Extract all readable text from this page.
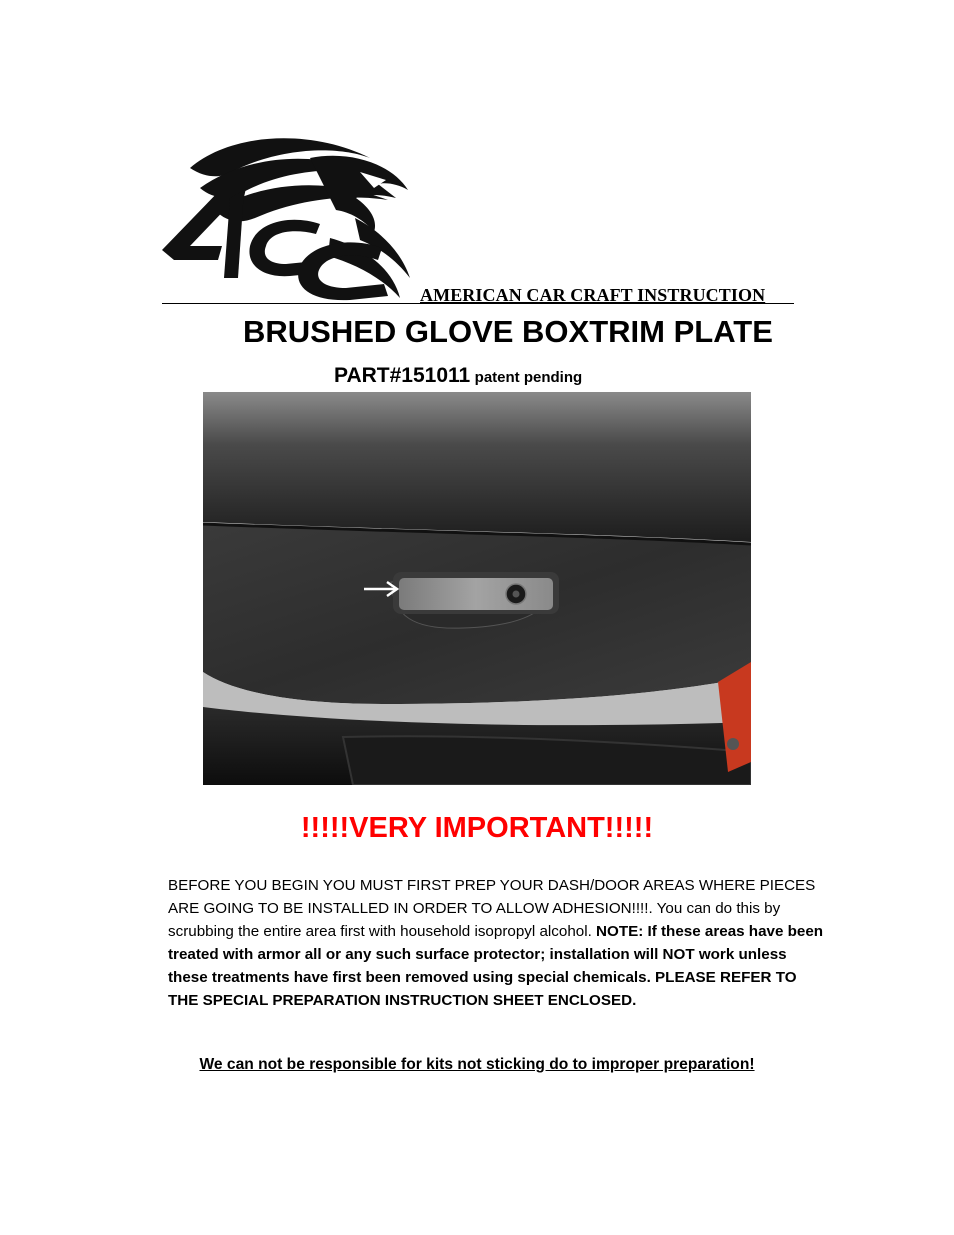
AMERICAN CAR CRAFT INSTRUCTION
BRUSHED GLOVE BOXTRIM PLATE
PART#151011 patent pending
!!!!!VERY IMPORTANT!!!!!
BEFORE YOU BEGIN YOU MUST FIRST PREP YOUR DASH/DOOR AREAS WHERE PIECES ARE GOING TO BE INSTALLED IN ORDER TO ALLOW ADHESION!!!!. You can do this by scrubbing the entire area first with household isopropyl alcohol. NOTE: If these areas have been treated with armor all or any such surface protector; installation will NOT work unless these treatments have first been removed using special chemicals. PLEASE REFER TO THE SPECIAL PREPARATION INSTRUCTION SHEET ENCLOSED.
We can not be responsible for kits not sticking do to improper preparation!
